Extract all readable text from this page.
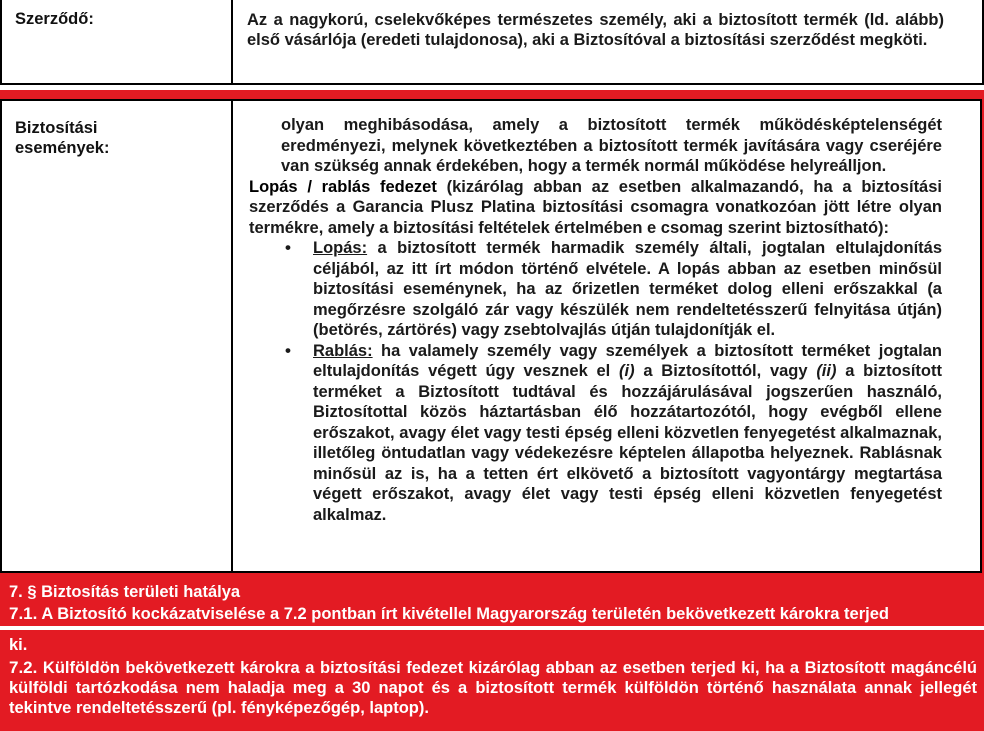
Szerződő:	Az a nagykorú, cselekvőképes természetes személy, aki a biztosított termék (ld. alább) első vásárlója (eredeti tulajdonosa), aki a Biztosítóval a biztosítási szerződést megköti.
Biztosítási
események:

olyan meghibásodása, amely a biztosított termék működésképtelenségét eredményezi, melynek következtében a biztosított termék javítására vagy cseréjére van szükség annak érdekében, hogy a termék normál működése helyreálljon.

Lopás / rablás fedezet (kizárólag abban az esetben alkalmazandó, ha a biztosítási szerződés a Garancia Plusz Platina biztosítási csomagra vonatkozóan jött létre olyan termékre, amely a biztosítási feltételek értelmében e csomag szerint biztosítható):

• Lopás: a biztosított termék harmadik személy általi, jogtalan eltulajdonítás céljából, az itt írt módon történő elvétele. A lopás abban az esetben minősül biztosítási eseménynek, ha az őrizetlen terméket dolog elleni erőszakkal (a megőrzésre szolgáló zár vagy készülék nem rendeltetésszerű felnyitása útján) (betörés, zártörés) vagy zsebtolvajlás útján tulajdonítják el.
• Rablás: ha valamely személy vagy személyek a biztosított terméket jogtalan eltulajdonítás végett úgy vesznek el (i) a Biztosítottól, vagy (ii) a biztosított terméket a Biztosított tudtával és hozzájárulásával jogszerűen használó, Biztosítottal közös háztartásban élő hozzátartozótól, hogy evégből ellene erőszakot, avagy élet vagy testi épség elleni közvetlen fenyegetést alkalmaznak, illetőleg öntudatlan vagy védekezésre képtelen állapotba helyeznek. Rablásnak minősül az is, ha a tetten ért elkövető a biztosított vagyontárgy megtartása végett erőszakot, avagy élet vagy testi épség elleni közvetlen fenyegetést alkalmaz.
7. § Biztosítás területi hatálya
7.1. A Biztosító kockázatviselése a 7.2 pontban írt kivétellel Magyarország területén bekövetkezett károkra terjed
ki.
7.2. Külföldön bekövetkezett károkra a biztosítási fedezet kizárólag abban az esetben terjed ki, ha a Biztosított magáncélú külföldi tartózkodása nem haladja meg a 30 napot és a biztosított termék külföldön történő használata annak jellegét tekintve rendeltetésszerű (pl. fényképezőgép, laptop).
